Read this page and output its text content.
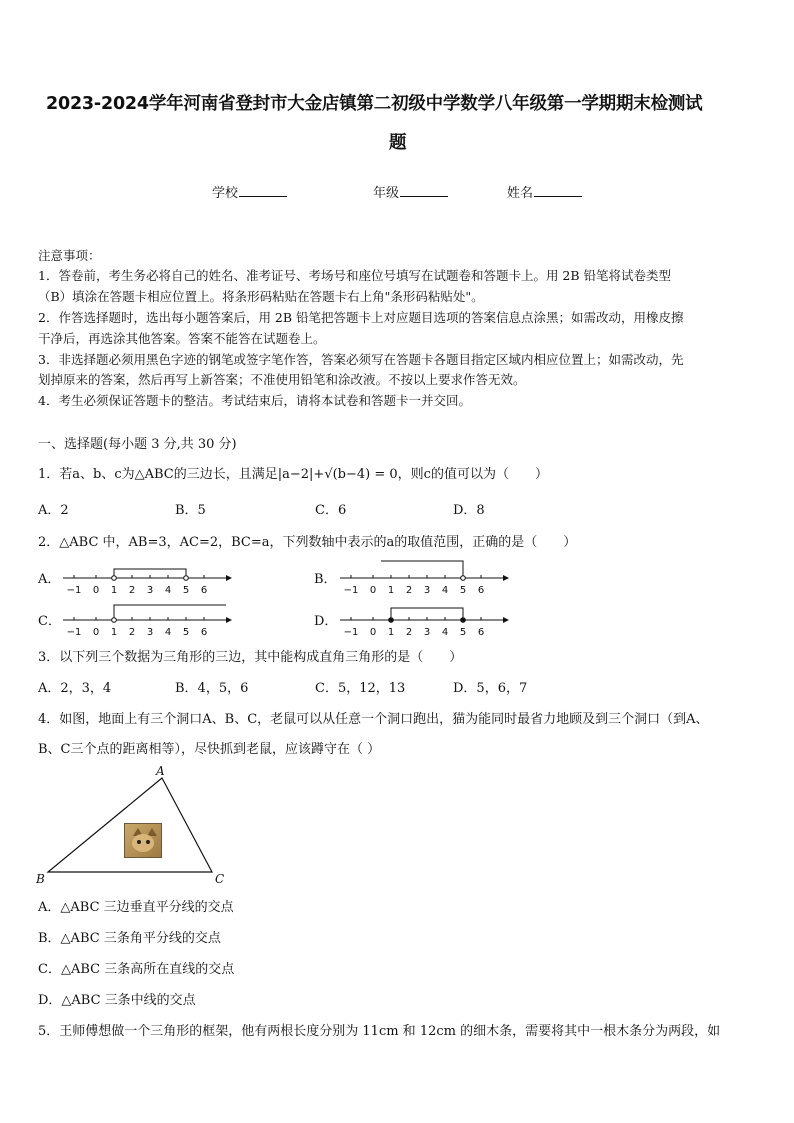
2023-2024学年河南省登封市大金店镇第二初级中学数学八年级第一学期期末检测试
题
学校	年级	姓名
注意事项：
1．答卷前，考生务必将自己的姓名、准考证号、考场号和座位号填写在试题卷和答题卡上。用 2B 铅笔将试卷类型
（B）填涂在答题卡相应位置上。将条形码粘贴在答题卡右上角"条形码粘贴处"。
2．作答选择题时，选出每小题答案后，用 2B 铅笔把答题卡上对应题目选项的答案信息点涂黑；如需改动，用橡皮擦
干净后，再选涂其他答案。答案不能答在试题卷上。
3．非选择题必须用黑色字迹的钢笔或签字笔作答，答案必须写在答题卡各题目指定区域内相应位置上；如需改动，先
划掉原来的答案，然后再写上新答案；不准使用铅笔和涂改液。不按以上要求作答无效。
4．考生必须保证答题卡的整洁。考试结束后，请将本试卷和答题卡一并交回。
一、选择题(每小题 3 分,共 30 分)
1．若a、b、c为△ABC的三边长，且满足|a−2|+√(b−4) = 0，则c的值可以为（　　）
A．2	B．5	C．6	D．8
2．△ABC 中，AB=3，AC=2，BC=a，下列数轴中表示的a的取值范围，正确的是（　　）
A．	B．
C．	D．
−1 0 1 2 3 4 5 6	−1 0 1 2 3 4 5 6
−1 0 1 2 3 4 5 6	−1 0 1 2 3 4 5 6
3．以下列三个数据为三角形的三边，其中能构成直角三角形的是（　　）
A．2，3，4	B．4，5，6	C．5，12，13	D．5，6，7
4．如图，地面上有三个洞口A、B、C，老鼠可以从任意一个洞口跑出，猫为能同时最省力地顾及到三个洞口（到A、
B、C三个点的距离相等），尽快抓到老鼠，应该蹲守在（ ）
A
B	C
A．△ABC 三边垂直平分线的交点
B．△ABC 三条角平分线的交点
C．△ABC 三条高所在直线的交点
D．△ABC 三条中线的交点
5．王师傅想做一个三角形的框架，他有两根长度分别为 11cm 和 12cm 的细木条，需要将其中一根木条分为两段，如
